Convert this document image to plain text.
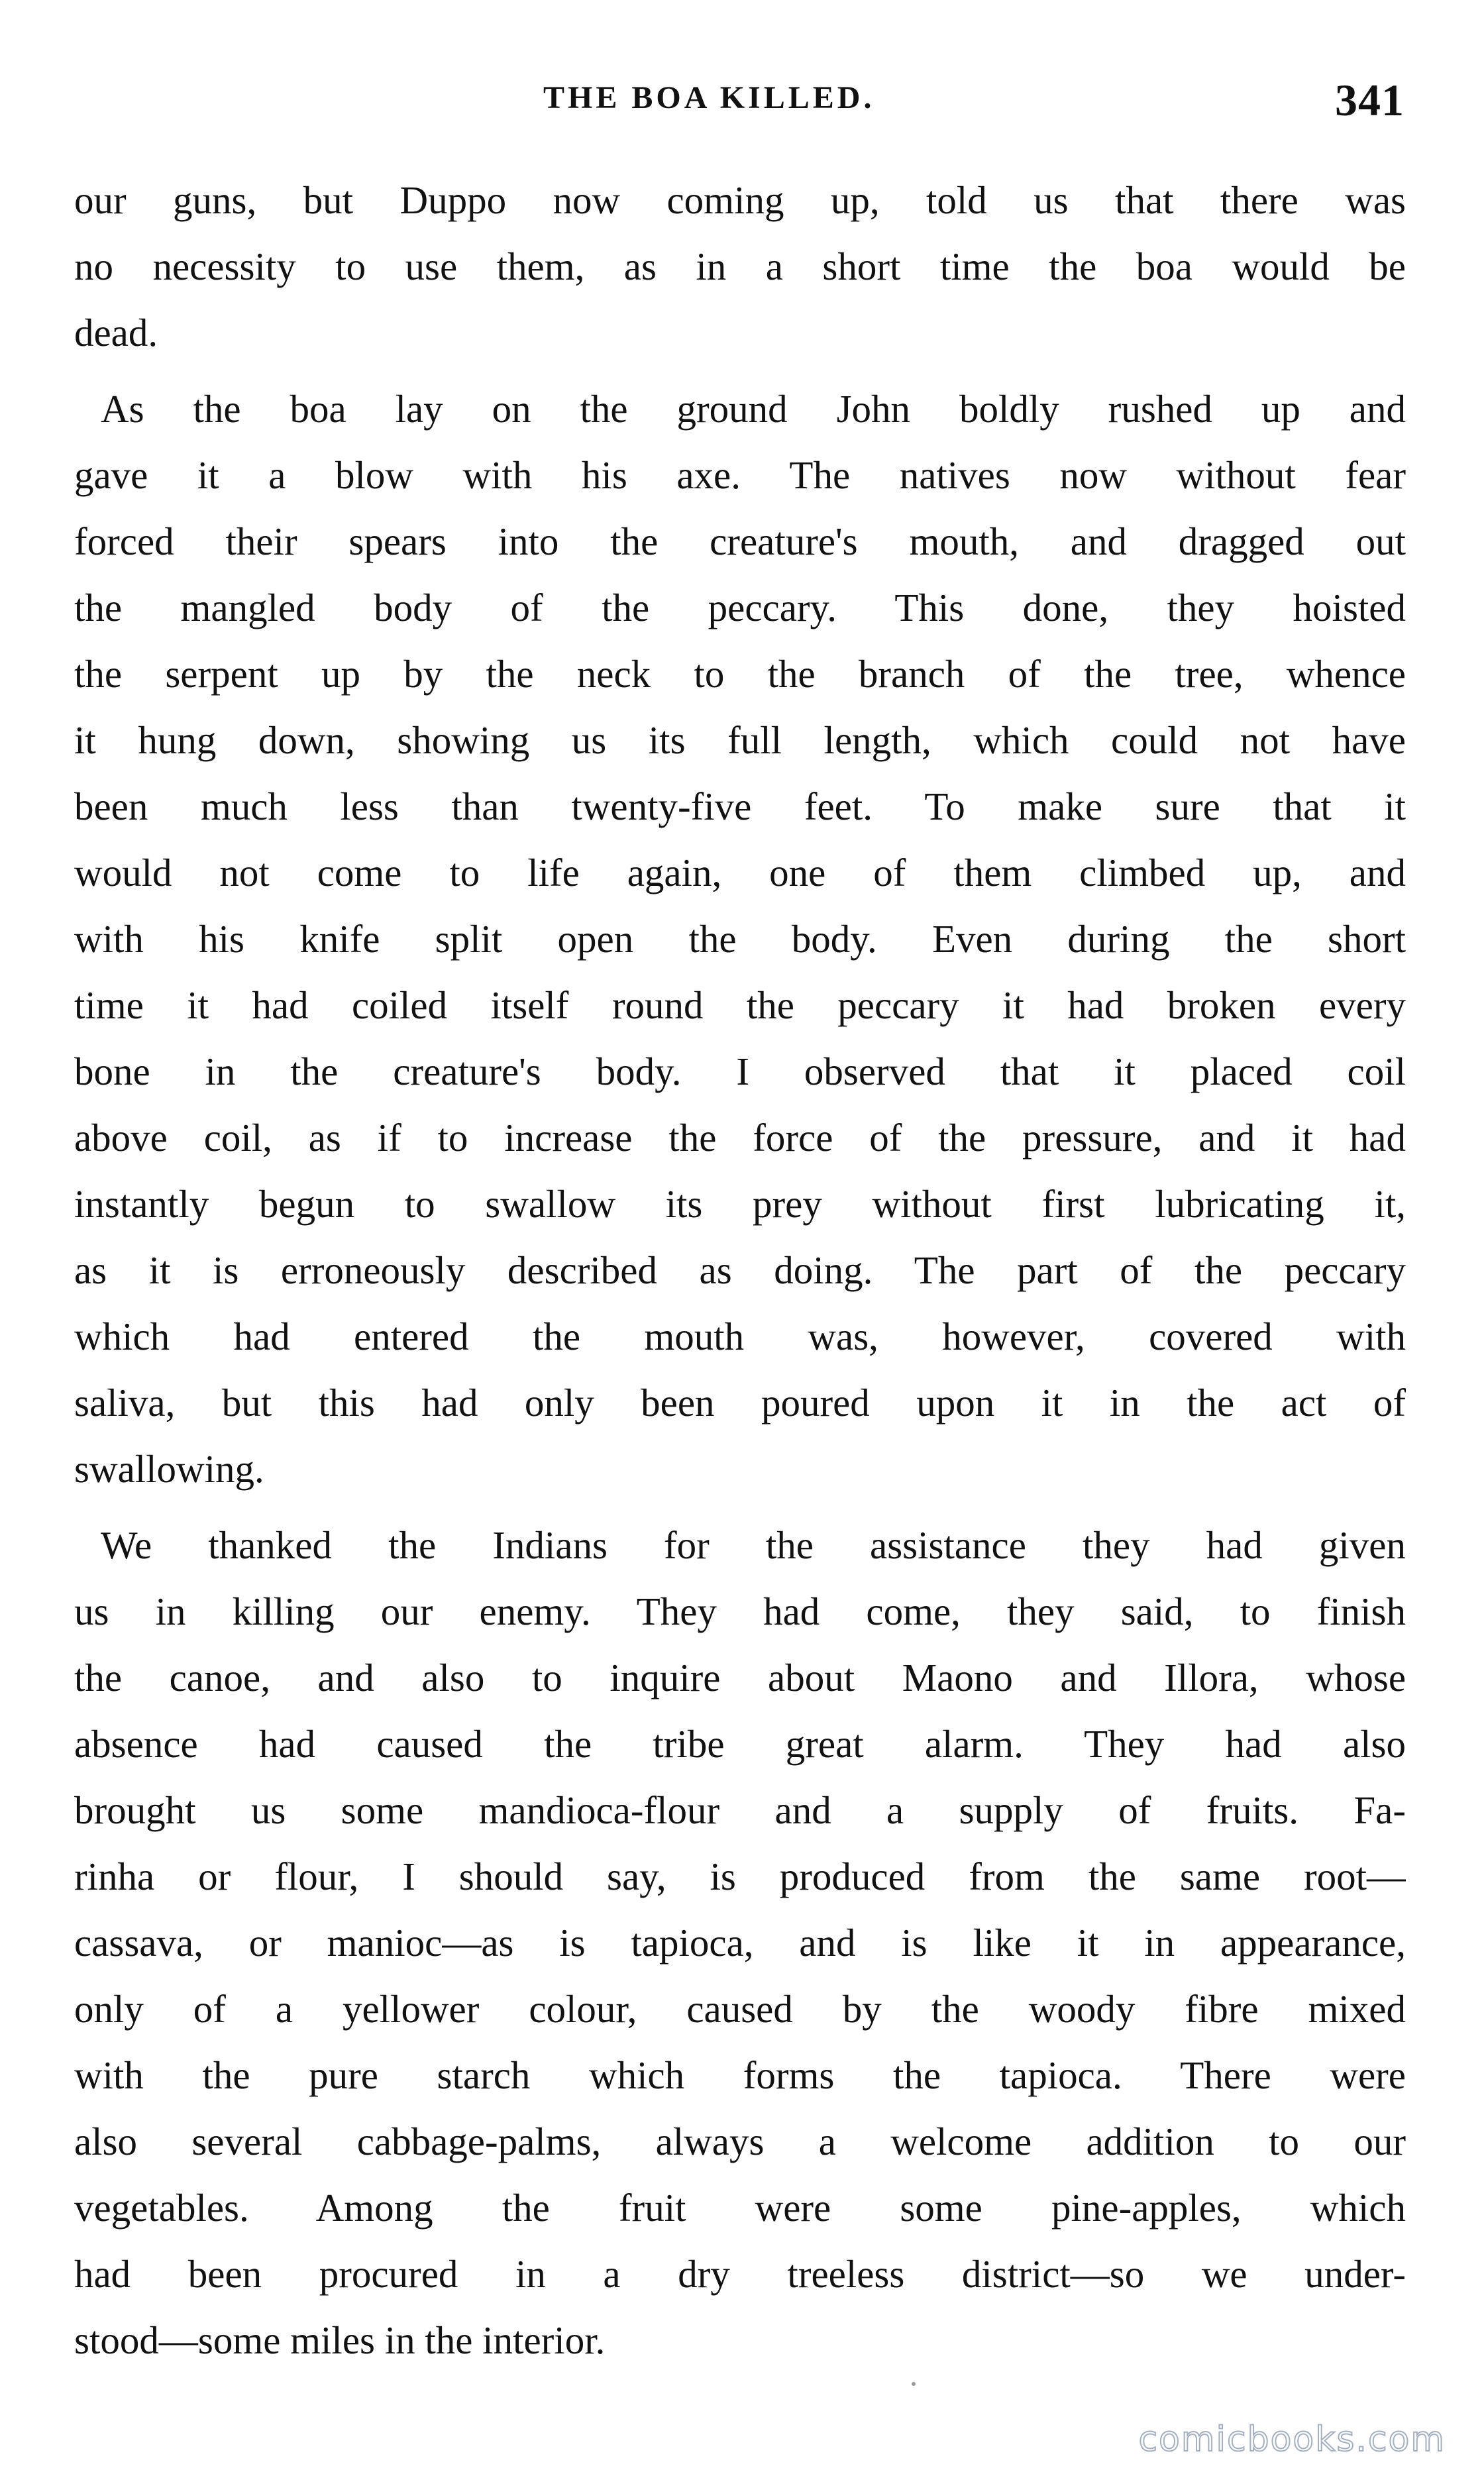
THE BOA KILLED.	341
our guns, but Duppo now coming up, told us that there was
no necessity to use them, as in a short time the boa would be
dead.
As the boa lay on the ground John boldly rushed up and
gave it a blow with his axe. The natives now without fear
forced their spears into the creature's mouth, and dragged out
the mangled body of the peccary. This done, they hoisted
the serpent up by the neck to the branch of the tree, whence
it hung down, showing us its full length, which could not have
been much less than twenty-five feet. To make sure that it
would not come to life again, one of them climbed up, and
with his knife split open the body. Even during the short
time it had coiled itself round the peccary it had broken every
bone in the creature's body. I observed that it placed coil
above coil, as if to increase the force of the pressure, and it had
instantly begun to swallow its prey without first lubricating it,
as it is erroneously described as doing. The part of the peccary
which had entered the mouth was, however, covered with
saliva, but this had only been poured upon it in the act of
swallowing.
We thanked the Indians for the assistance they had given
us in killing our enemy. They had come, they said, to finish
the canoe, and also to inquire about Maono and Illora, whose
absence had caused the tribe great alarm. They had also
brought us some mandioca-flour and a supply of fruits. Fa-
rinha or flour, I should say, is produced from the same root—
cassava, or manioc—as is tapioca, and is like it in appearance,
only of a yellower colour, caused by the woody fibre mixed
with the pure starch which forms the tapioca. There were
also several cabbage-palms, always a welcome addition to our
vegetables. Among the fruit were some pine-apples, which
had been procured in a dry treeless district—so we under-
stood—some miles in the interior.
comicbooks.com
